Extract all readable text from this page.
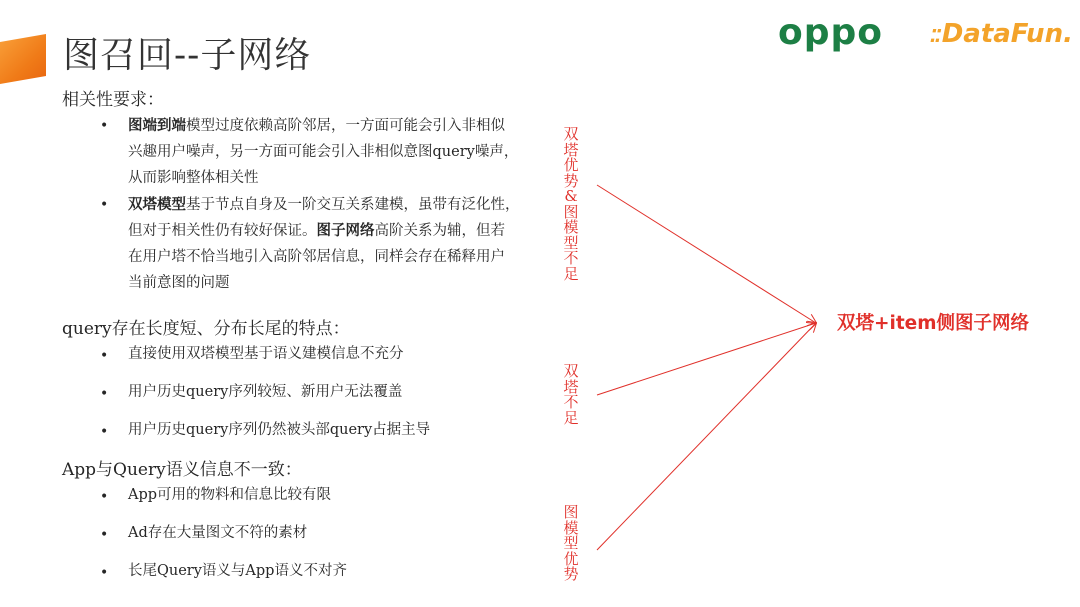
图召回--子网络
oppo	⁚⁚DataFun.
相关性要求：
• 图端到端模型过度依赖高阶邻居，一方面可能会引入非相似
兴趣用户噪声，另一方面可能会引入非相似意图query噪声，
从而影响整体相关性
• 双塔模型基于节点自身及一阶交互关系建模，虽带有泛化性，
但对于相关性仍有较好保证。图子网络高阶关系为辅，但若
在用户塔不恰当地引入高阶邻居信息，同样会存在稀释用户
当前意图的问题
query存在长度短、分布长尾的特点：
• 直接使用双塔模型基于语义建模信息不充分
• 用户历史query序列较短、新用户无法覆盖
• 用户历史query序列仍然被头部query占据主导
App与Query语义信息不一致：
• App可用的物料和信息比较有限
• Ad存在大量图文不符的素材
• 长尾Query语义与App语义不对齐
双塔优势&图模型不足
双塔不足
图模型优势
双塔+item侧图子网络
